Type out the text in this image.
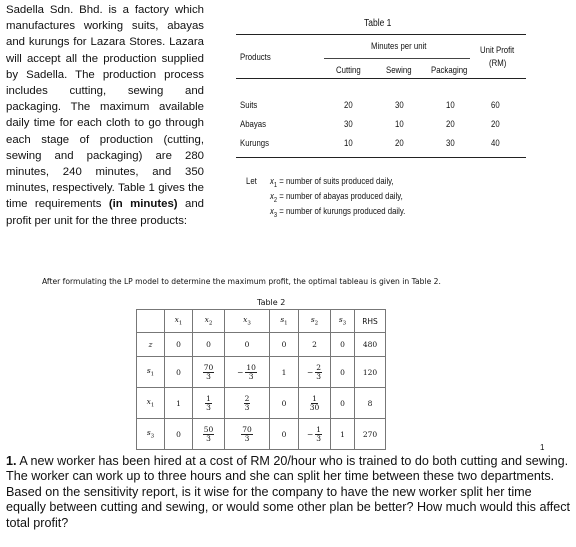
Sadella Sdn. Bhd. is a factory which manufactures working suits, abayas and kurungs for Lazara Stores. Lazara will accept all the production supplied by Sadella. The production process includes cutting, sewing and packaging. The maximum available daily time for each cloth to go through each stage of production (cutting, sewing and packaging) are 280 minutes, 240 minutes, and 350 minutes, respectively. Table 1 gives the time requirements (in minutes) and profit per unit for the three products:
Table 1
Products
Minutes per unit	Unit Profit
(RM)
Cutting	Sewing Packaging
Suits	20	30	10	60
Abayas	30	10	20	20
Kurungs	10	20	30	40
Let $x_1$ = number of suits produced daily,
$x_2$ = number of abayas produced daily,
$x_3$ = number of kurungs produced daily.
After formulating the LP model to determine the maximum profit, the optimal tableau is given in Table 2.
Table 2
	$x_1$	$x_2$	$x_3$	$s_1$	$s_2$	$s_3$	RHS
z	0	0	0	0	2	0	480
$s_1$	0	$\frac{70}{3}$	− $\frac{10}{3}$	1	− $\frac{2}{3}$	0	120
$x_1$	1	$\frac{1}{3}$	$\frac{2}{3}$	0	$\frac{1}{30}$	0	8
$s_3$	0	$\frac{50}{3}$	$\frac{70}{3}$	0	− $\frac{1}{3}$	1	270
1
1. A new worker has been hired at a cost of RM 20/hour who is trained to do both cutting and sewing. The worker can work up to three hours and she can split her time between these two departments. Based on the sensitivity report, is it wise for the company to have the new worker split her time equally between cutting and sewing, or would some other plan be better? How much would this affect total profit?
